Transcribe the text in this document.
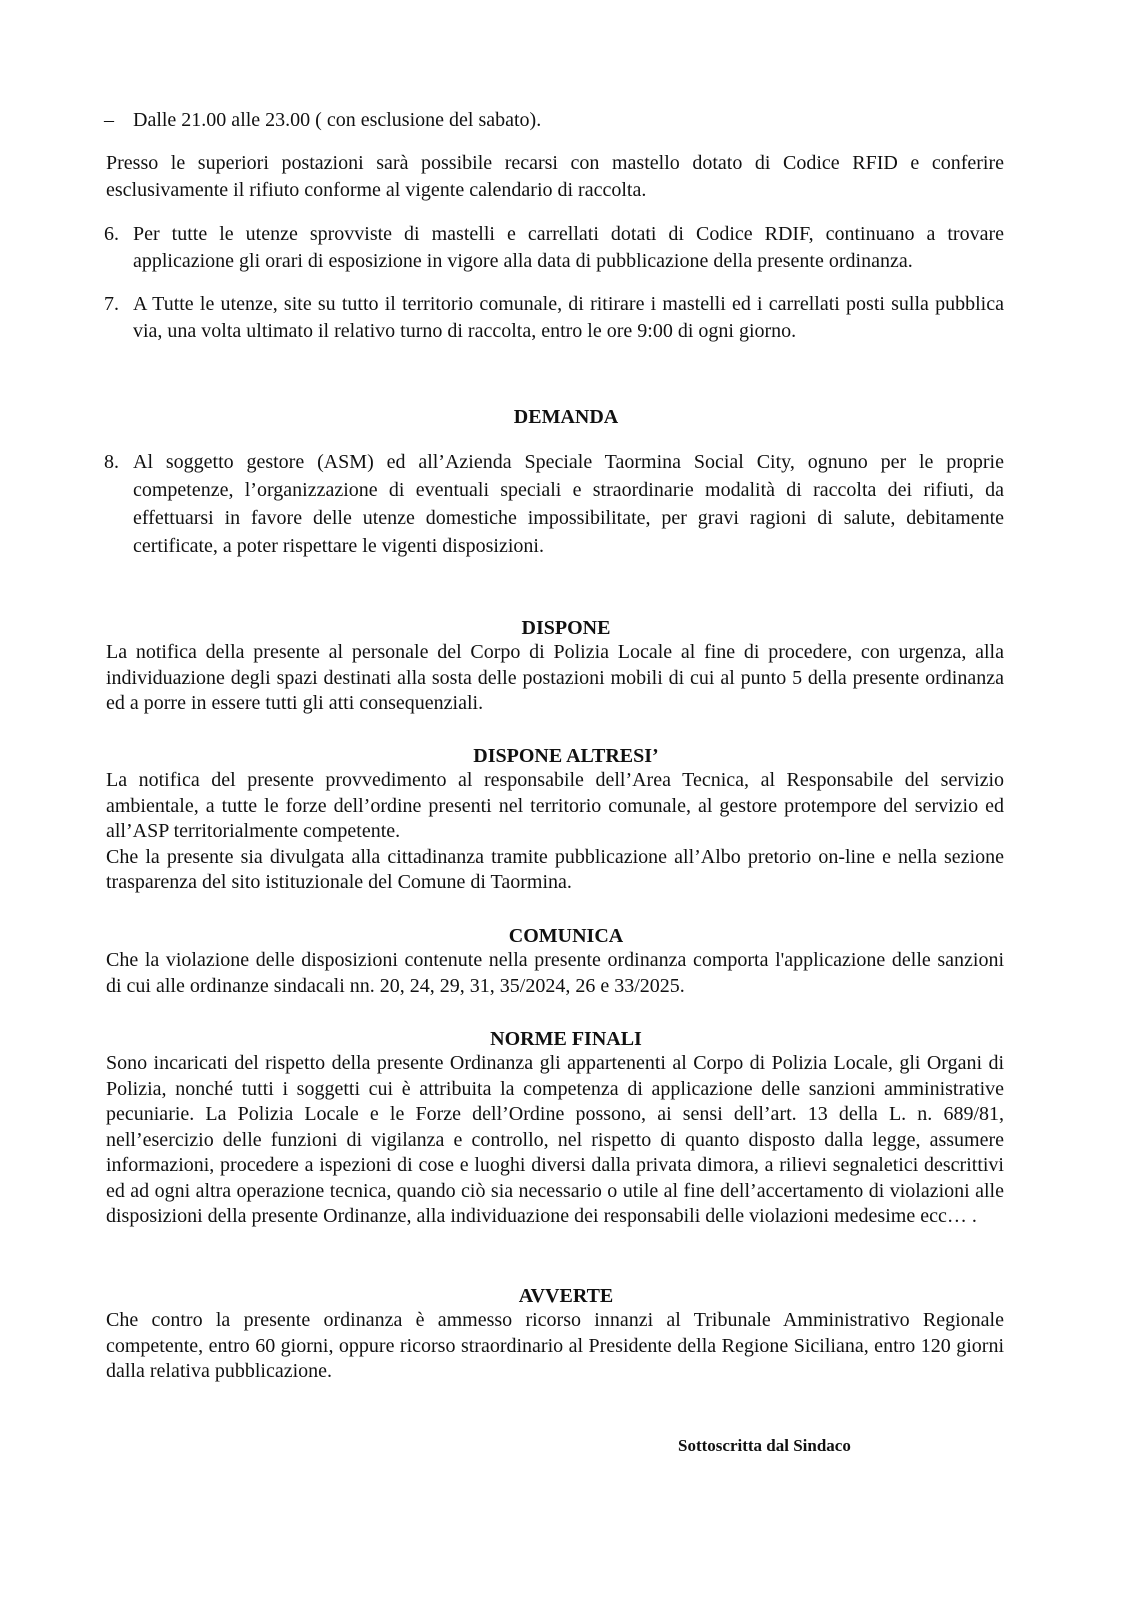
– Dalle 21.00 alle 23.00 ( con esclusione del sabato).

Presso le superiori postazioni sarà possibile recarsi con mastello dotato di Codice RFID e conferire esclusivamente il rifiuto conforme al vigente calendario di raccolta.

6. Per tutte le utenze sprovviste di mastelli e carrellati dotati di Codice RDIF, continuano a trovare applicazione gli orari di esposizione in vigore alla data di pubblicazione della presente ordinanza.
7. A Tutte le utenze, site su tutto il territorio comunale, di ritirare i mastelli ed i carrellati posti sulla pubblica via, una volta ultimato il relativo turno di raccolta, entro le ore 9:00 di ogni giorno.
DEMANDA
8. Al soggetto gestore (ASM) ed all’Azienda Speciale Taormina Social City, ognuno per le proprie competenze, l’organizzazione di eventuali speciali e straordinarie modalità di raccolta dei rifiuti, da effettuarsi in favore delle utenze domestiche impossibilitate, per gravi ragioni di salute, debitamente certificate, a poter rispettare le vigenti disposizioni.
DISPONE

La notifica della presente al personale del Corpo di Polizia Locale al fine di procedere, con urgenza, alla individuazione degli spazi destinati alla sosta delle postazioni mobili di cui al punto 5 della presente ordinanza ed a porre in essere tutti gli atti consequenziali.

DISPONE ALTRESI’

La notifica del presente provvedimento al responsabile dell’Area Tecnica, al Responsabile del servizio ambientale, a tutte le forze dell’ordine presenti nel territorio comunale, al gestore protempore del servizio ed all’ASP territorialmente competente.

Che la presente sia divulgata alla cittadinanza tramite pubblicazione all’Albo pretorio on-line e nella sezione trasparenza del sito istituzionale del Comune di Taormina.

COMUNICA

Che la violazione delle disposizioni contenute nella presente ordinanza comporta l'applicazione delle sanzioni di cui alle ordinanze sindacali nn. 20, 24, 29, 31, 35/2024, 26 e 33/2025.

NORME FINALI

Sono incaricati del rispetto della presente Ordinanza gli appartenenti al Corpo di Polizia Locale, gli Organi di Polizia, nonché tutti i soggetti cui è attribuita la competenza di applicazione delle sanzioni amministrative pecuniarie. La Polizia Locale e le Forze dell’Ordine possono, ai sensi dell’art. 13 della L. n. 689/81, nell’esercizio delle funzioni di vigilanza e controllo, nel rispetto di quanto disposto dalla legge, assumere informazioni, procedere a ispezioni di cose e luoghi diversi dalla privata dimora, a rilievi segnaletici descrittivi ed ad ogni altra operazione tecnica, quando ciò sia necessario o utile al fine dell’accertamento di violazioni alle disposizioni della presente Ordinanze, alla individuazione dei responsabili delle violazioni medesime ecc… .

AVVERTE

Che contro la presente ordinanza è ammesso ricorso innanzi al Tribunale Amministrativo Regionale competente, entro 60 giorni, oppure ricorso straordinario al Presidente della Regione Siciliana, entro 120 giorni dalla relativa pubblicazione.

Sottoscritta dal Sindaco
